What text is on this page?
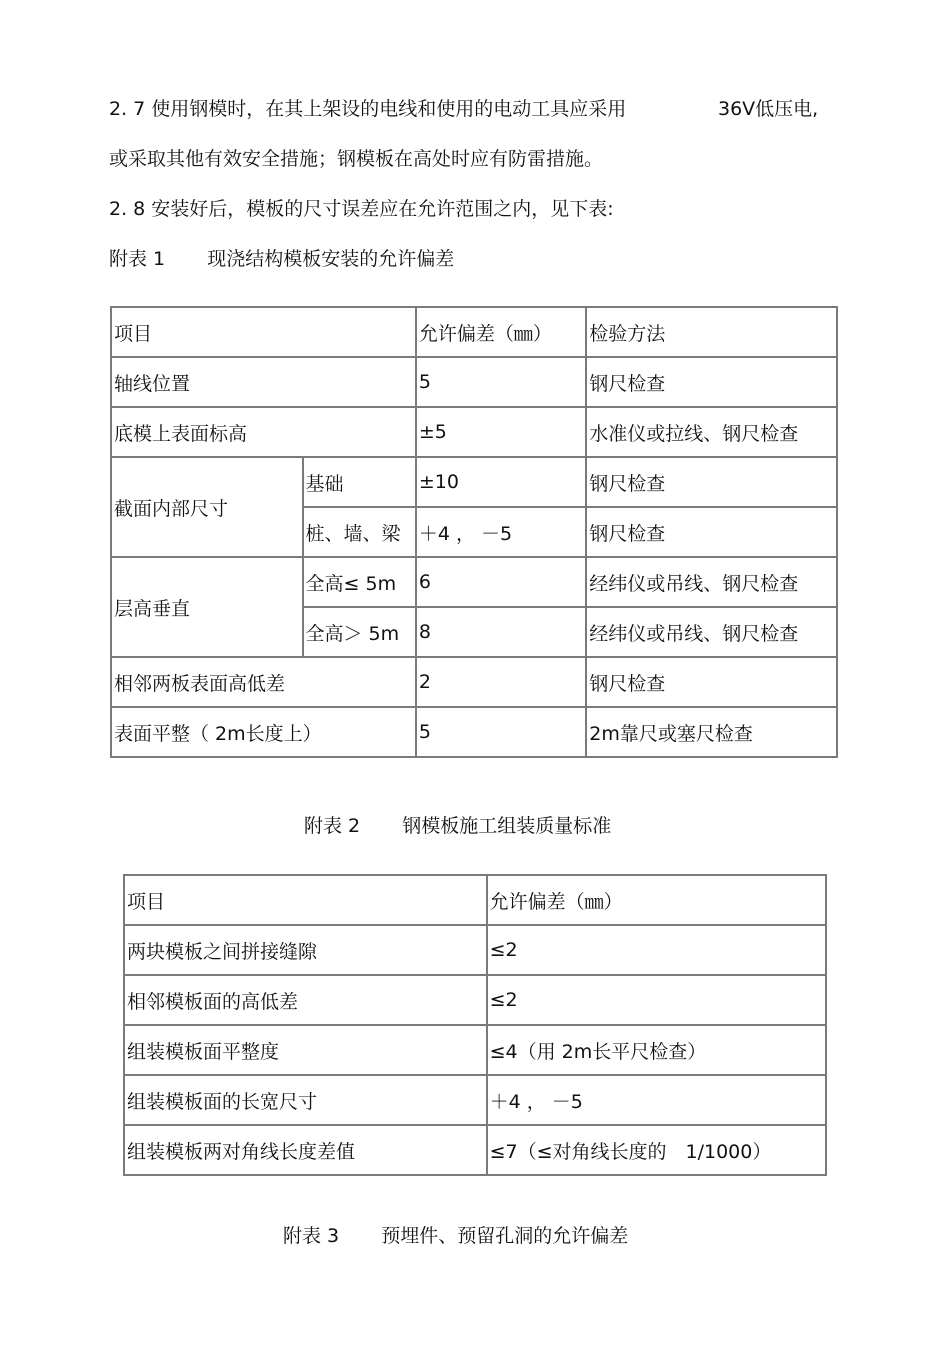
2. 7 使用钢模时，在其上架设的电线和使用的电动工具应采用	36V低压电,
或采取其他有效安全措施；钢模板在高处时应有防雷措施。
2. 8 安装好后，模板的尺寸误差应在允许范围之内，见下表:
附表 1 现浇结构模板安装的允许偏差
项目		允许偏差（㎜）	检验方法
轴线位置		5	钢尺检查
底模上表面标高		±5	水准仪或拉线、钢尺检查
截面内部尺寸	基础	±10	钢尺检查
	桩、墙、梁	＋4 ， －5	钢尺检查
层高垂直	全高≤ 5m	6	经纬仪或吊线、钢尺检查
	全高＞ 5m	8	经纬仪或吊线、钢尺检查
相邻两板表面高低差		2	钢尺检查
表面平整（ 2m长度上）		5	2m靠尺或塞尺检查
附表 2 钢模板施工组装质量标准
项目	允许偏差（㎜）
两块模板之间拼接缝隙	≤2
相邻模板面的高低差	≤2
组装模板面平整度	≤4（用 2m长平尺检查）
组装模板面的长宽尺寸	＋4 ， －5
组装模板两对角线长度差值	≤7（≤对角线长度的　1/1000）
附表 3 预埋件、预留孔洞的允许偏差
